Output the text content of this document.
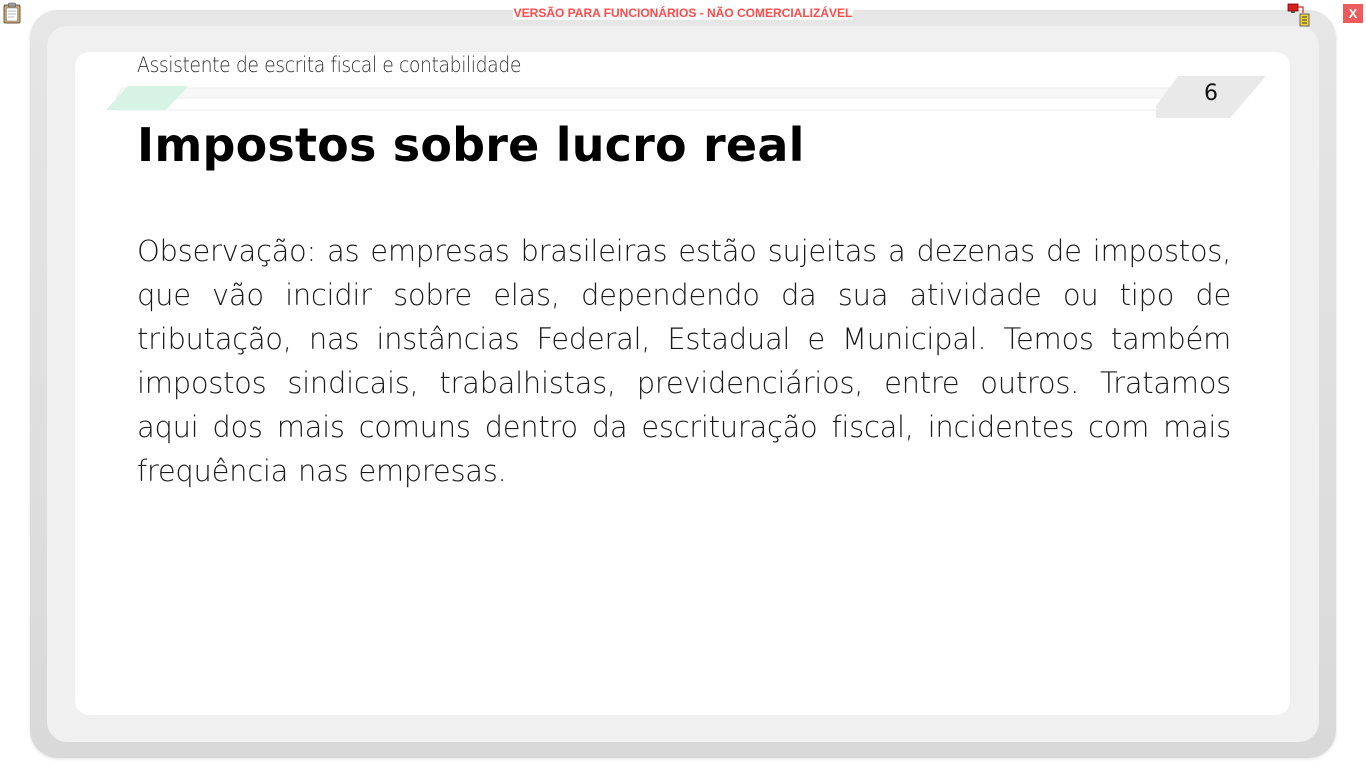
VERSÃO PARA FUNCIONÁRIOS - NÃO COMERCIALIZÁVEL	X
Assistente de escrita fiscal e contabilidade
6
Impostos sobre lucro real

Observação: as empresas brasileiras estão sujeitas a dezenas de impostos, que vão incidir sobre elas, dependendo da sua atividade ou tipo de tributação, nas instâncias Federal, Estadual e Municipal. Temos também impostos sindicais, trabalhistas, previdenciários, entre outros. Tratamos aqui dos mais comuns dentro da escrituração fiscal, incidentes com mais frequência nas empresas.
